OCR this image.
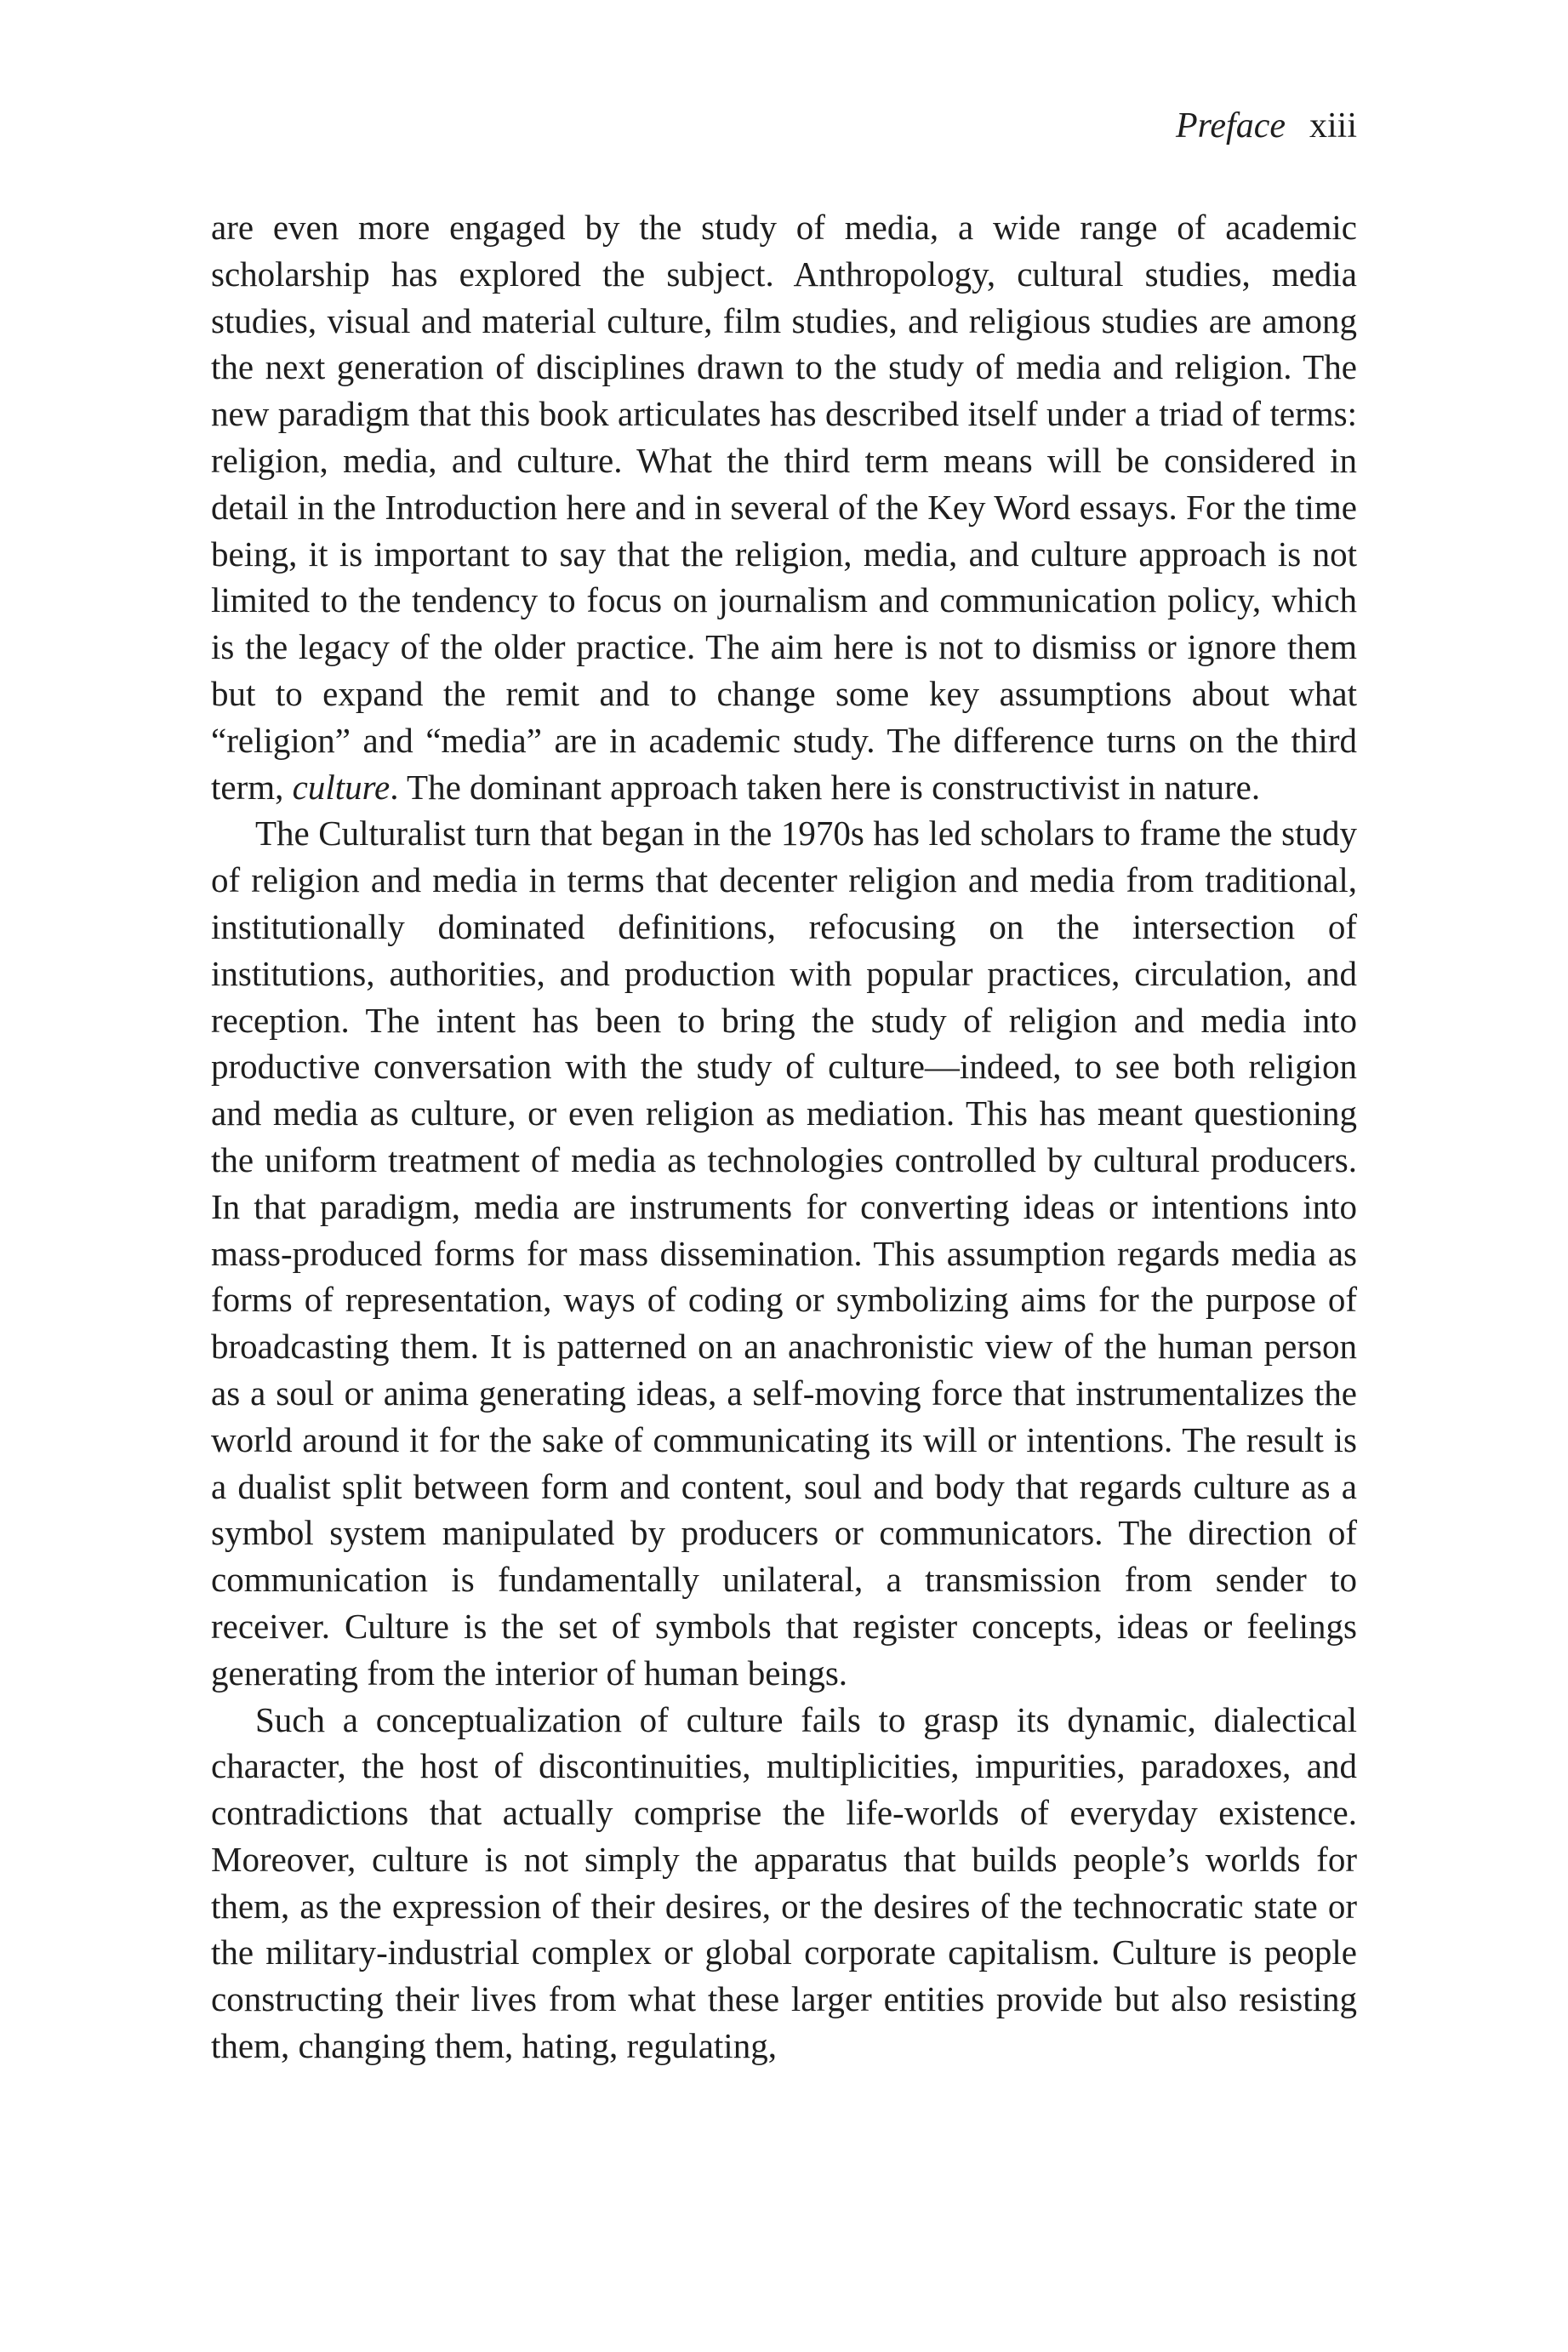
Preface xiii

are even more engaged by the study of media, a wide range of academic scholarship has explored the subject. Anthropology, cultural studies, media studies, visual and material culture, film studies, and religious studies are among the next generation of disciplines drawn to the study of media and religion. The new paradigm that this book articulates has described itself under a triad of terms: religion, media, and culture. What the third term means will be considered in detail in the Introduction here and in several of the Key Word essays. For the time being, it is important to say that the religion, media, and culture approach is not limited to the tendency to focus on journalism and communication policy, which is the legacy of the older practice. The aim here is not to dismiss or ignore them but to expand the remit and to change some key assumptions about what “religion” and “media” are in academic study. The difference turns on the third term, culture. The dominant approach taken here is constructivist in nature.

The Culturalist turn that began in the 1970s has led scholars to frame the study of religion and media in terms that decenter religion and media from traditional, institutionally dominated definitions, refocusing on the intersection of institutions, authorities, and production with popular practices, circulation, and reception. The intent has been to bring the study of religion and media into productive conversation with the study of culture—indeed, to see both religion and media as culture, or even religion as mediation. This has meant questioning the uniform treatment of media as technologies controlled by cultural producers. In that paradigm, media are instruments for converting ideas or intentions into mass-produced forms for mass dissemination. This assumption regards media as forms of representation, ways of coding or symbolizing aims for the purpose of broadcasting them. It is patterned on an anachronistic view of the human person as a soul or anima generating ideas, a self-moving force that instrumentalizes the world around it for the sake of communicating its will or intentions. The result is a dualist split between form and content, soul and body that regards culture as a symbol system manipulated by producers or communicators. The direction of communication is fundamentally unilateral, a transmission from sender to receiver. Culture is the set of symbols that register concepts, ideas or feelings generating from the interior of human beings.

Such a conceptualization of culture fails to grasp its dynamic, dialectical character, the host of discontinuities, multiplicities, impurities, paradoxes, and contradictions that actually comprise the life-worlds of everyday existence. Moreover, culture is not simply the apparatus that builds people’s worlds for them, as the expression of their desires, or the desires of the technocratic state or the military-industrial complex or global corporate capitalism. Culture is people constructing their lives from what these larger entities provide but also resisting them, changing them, hating, regulating,
